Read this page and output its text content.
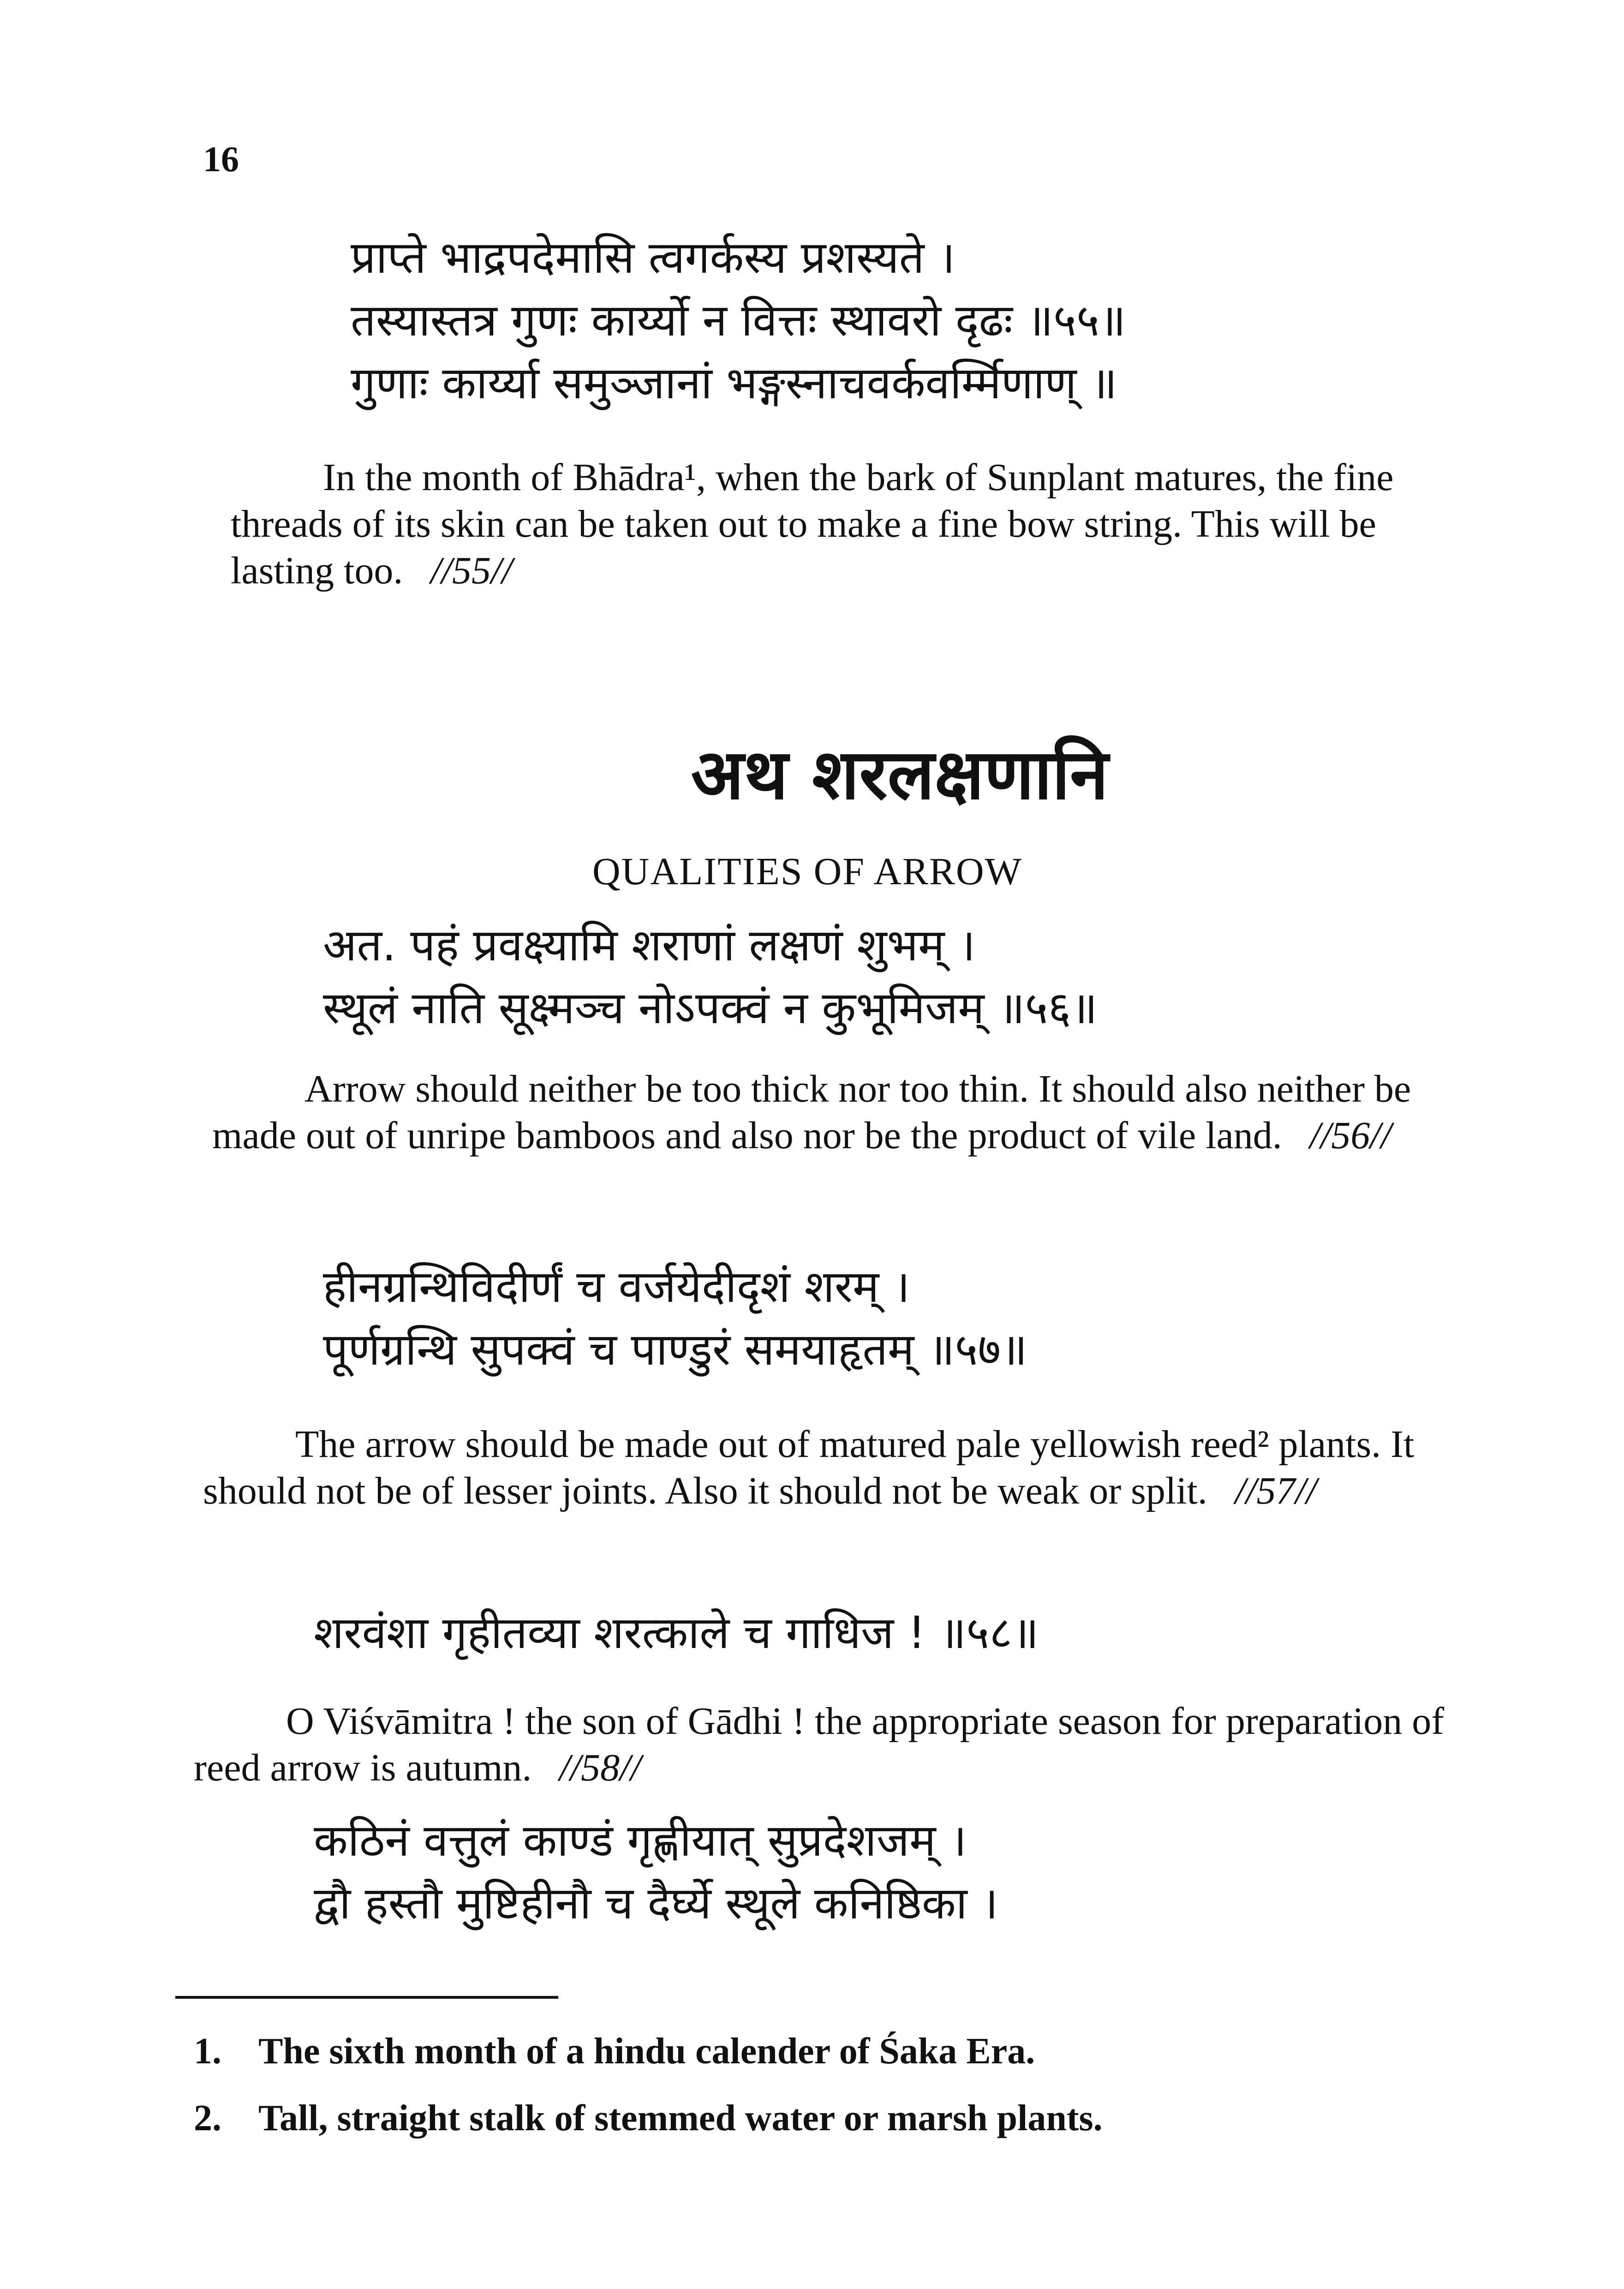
16
प्राप्ते भाद्रपदेमासि त्वगर्कस्य प्रशस्यते ।
तस्यास्तत्र गुणः कार्य्यो न वित्तः स्थावरो दृढः ॥५५॥
गुणाः कार्य्या समुञ्जानां भङ्गस्नाचवर्कवर्म्मिणाण् ॥
In the month of Bhādra¹, when the bark of Sunplant matures, the fine threads of its skin can be taken out to make a fine bow string. This will be lasting too. //55//
अथ शरलक्षणानि
QUALITIES OF ARROW
अत. पहं प्रवक्ष्यामि शराणां लक्षणं शुभम् ।
स्थूलं नाति सूक्ष्मञ्च नोऽपक्वं न कुभूमिजम् ॥५६॥
Arrow should neither be too thick nor too thin. It should also neither be made out of unripe bamboos and also nor be the product of vile land. //56//
हीनग्रन्थिविदीर्णं च वर्जयेदीदृशं शरम् ।
पूर्णग्रन्थि सुपक्वं च पाण्डुरं समयाहृतम् ॥५७॥
The arrow should be made out of matured pale yellowish reed² plants. It should not be of lesser joints. Also it should not be weak or split. //57//
शरवंशा गृहीतव्या शरत्काले च गाधिज ! ॥५८॥
O Viśvāmitra ! the son of Gādhi ! the appropriate season for preparation of reed arrow is autumn. //58//
कठिनं वत्तुलं काण्डं गृह्णीयात् सुप्रदेशजम् ।
द्वौ हस्तौ मुष्टिहीनौ च दैर्घ्ये स्थूले कनिष्ठिका ।
1. The sixth month of a hindu calender of Śaka Era.
2. Tall, straight stalk of stemmed water or marsh plants.
